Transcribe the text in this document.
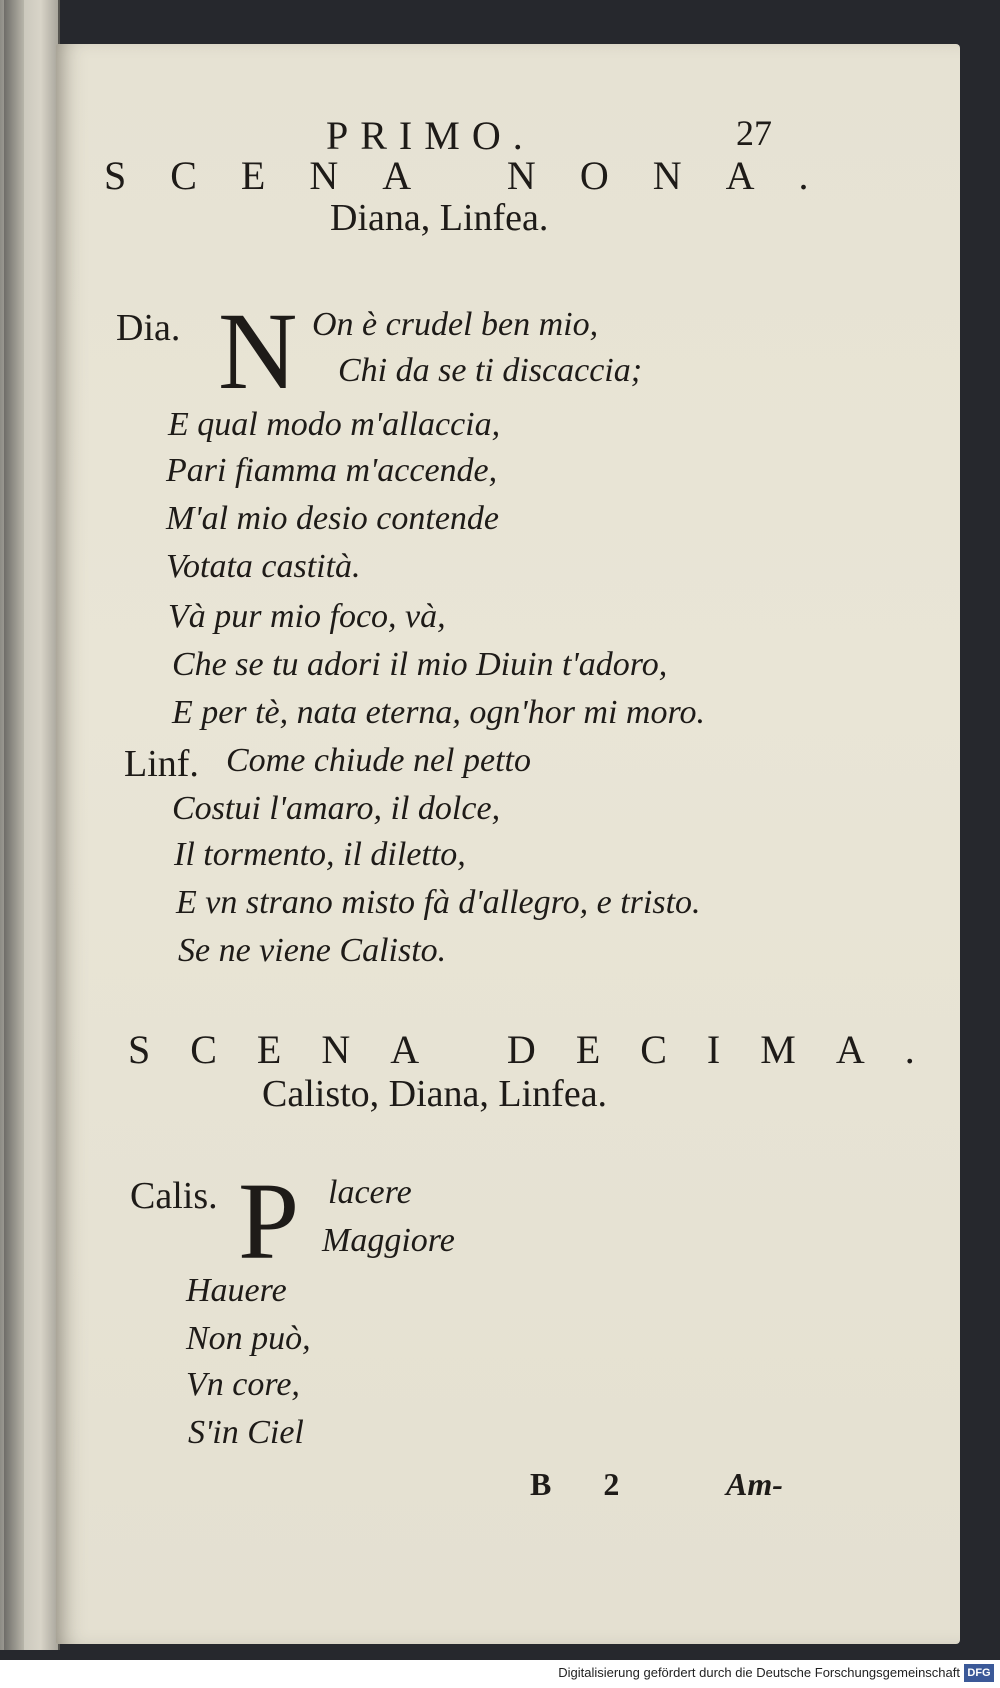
PRIMO.	27
SCENA NONA.
Diana, Linfea.
Dia. N On è crudel ben mio,
Chi da se ti discaccia;
E qual modo m'allaccia,
Pari fiamma m'accende,
M'al mio desio contende
Votata castità.
Và pur mio foco, và,
Che se tu adori il mio Diuin t'adoro,
E per tè, nata eterna, ogn'hor mi moro.
Linf. Come chiude nel petto
Costui l'amaro, il dolce,
Il tormento, il diletto,
E vn strano misto fà d'allegro, e tristo.
Se ne viene Calisto.
SCENA DECIMA.
Calisto, Diana, Linfea.
Calis. P lacere
Maggiore
Hauere
Non può,
Vn core,
S'in Ciel
B 2	Am-
Digitalisierung gefördert durch die Deutsche Forschungsgemeinschaft DFG
